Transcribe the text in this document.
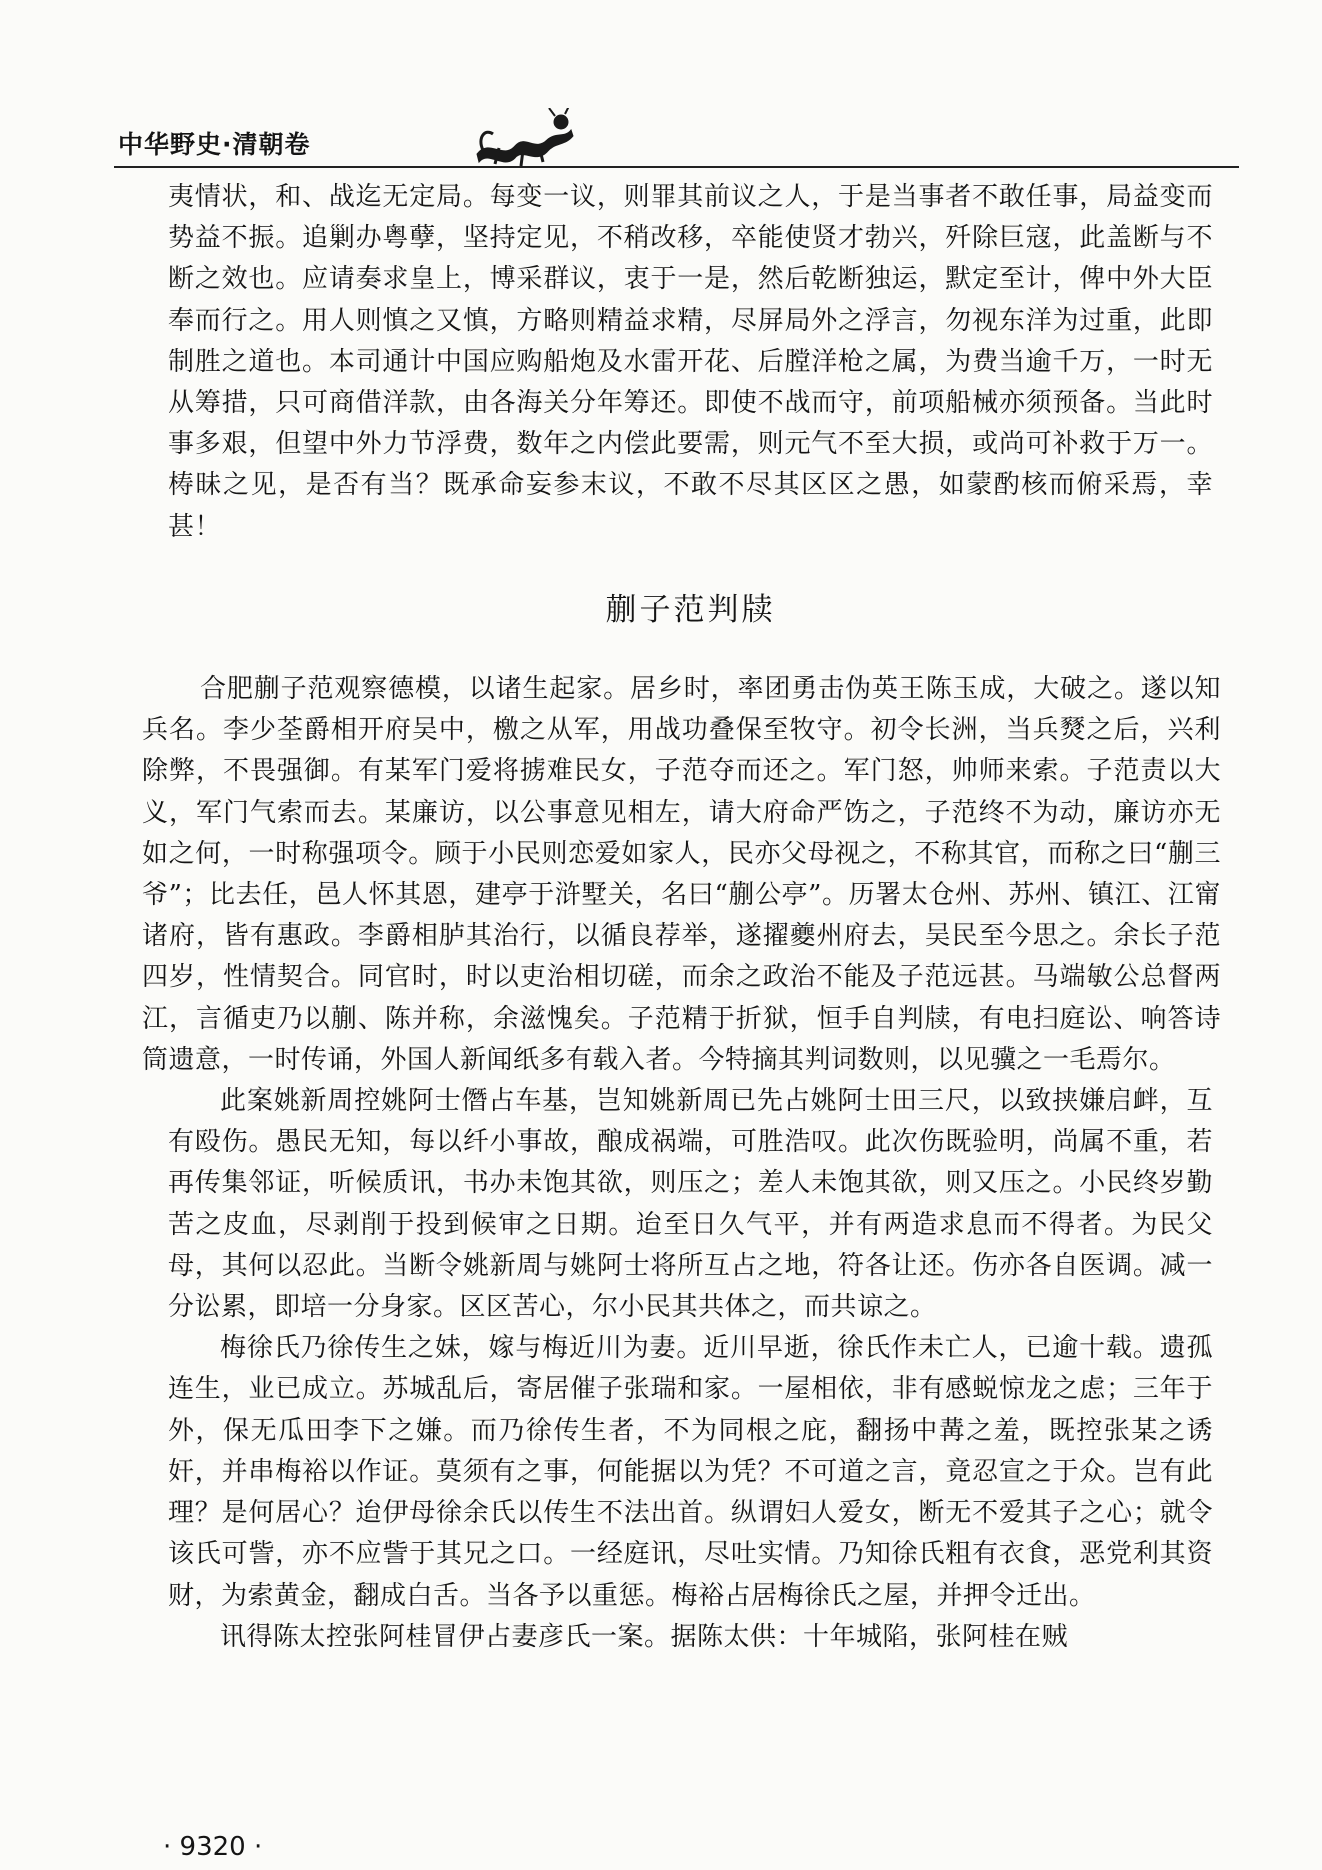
中华野史·清朝卷

夷情状，和、战迄无定局。每变一议，则罪其前议之人，于是当事者不敢任事，局益变而势益不振。追剿办粤孽，坚持定见，不稍改移，卒能使贤才勃兴，歼除巨寇，此盖断与不断之效也。应请奏求皇上，博采群议，衷于一是，然后乾断独运，默定至计，俾中外大臣奉而行之。用人则慎之又慎，方略则精益求精，尽屏局外之浮言，勿视东洋为过重，此即制胜之道也。本司通计中国应购船炮及水雷开花、后膛洋枪之属，为费当逾千万，一时无从筹措，只可商借洋款，由各海关分年筹还。即使不战而守，前项船械亦须预备。当此时事多艰，但望中外力节浮费，数年之内偿此要需，则元气不至大损，或尚可补救于万一。梼昧之见，是否有当？既承命妄参末议，不敢不尽其区区之愚，如蒙酌核而俯采焉，幸甚！

蒯子范判牍

合肥蒯子范观察德模，以诸生起家。居乡时，率团勇击伪英王陈玉成，大破之。遂以知兵名。李少荃爵相开府吴中，檄之从军，用战功叠保至牧守。初令长洲，当兵燹之后，兴利除弊，不畏强御。有某军门爱将掳难民女，子范夺而还之。军门怒，帅师来索。子范责以大义，军门气索而去。某廉访，以公事意见相左，请大府命严饬之，子范终不为动，廉访亦无如之何，一时称强项令。顾于小民则恋爱如家人，民亦父母视之，不称其官，而称之曰“蒯三爷”；比去任，邑人怀其恩，建亭于浒墅关，名曰“蒯公亭”。历署太仓州、苏州、镇江、江甯诸府，皆有惠政。李爵相胪其治行，以循良荐举，遂擢夔州府去，吴民至今思之。余长子范四岁，性情契合。同官时，时以吏治相切磋，而余之政治不能及子范远甚。马端敏公总督两江，言循吏乃以蒯、陈并称，余滋愧矣。子范精于折狱，恒手自判牍，有电扫庭讼、响答诗筒遗意，一时传诵，外国人新闻纸多有载入者。今特摘其判词数则，以见骥之一毛焉尔。

此案姚新周控姚阿士僭占车基，岂知姚新周已先占姚阿士田三尺，以致挟嫌启衅，互有殴伤。愚民无知，每以纤小事故，酿成祸端，可胜浩叹。此次伤既验明，尚属不重，若再传集邻证，听候质讯，书办未饱其欲，则压之；差人未饱其欲，则又压之。小民终岁勤苦之皮血，尽剥削于投到候审之日期。迨至日久气平，并有两造求息而不得者。为民父母，其何以忍此。当断令姚新周与姚阿士将所互占之地，符各让还。伤亦各自医调。减一分讼累，即培一分身家。区区苦心，尔小民其共体之，而共谅之。

梅徐氏乃徐传生之妹，嫁与梅近川为妻。近川早逝，徐氏作未亡人，已逾十载。遗孤连生，业已成立。苏城乱后，寄居催子张瑞和家。一屋相依，非有感蜕惊龙之虑；三年于外，保无瓜田李下之嫌。而乃徐传生者，不为同根之庇，翻扬中冓之羞，既控张某之诱奸，并串梅裕以作证。莫须有之事，何能据以为凭？不可道之言，竟忍宣之于众。岂有此理？是何居心？迨伊母徐余氏以传生不法出首。纵谓妇人爱女，断无不爱其子之心；就令该氏可訾，亦不应訾于其兄之口。一经庭讯，尽吐实情。乃知徐氏粗有衣食，恶党利其资财，为索黄金，翻成白舌。当各予以重惩。梅裕占居梅徐氏之屋，并押令迁出。

讯得陈太控张阿桂冒伊占妻彦氏一案。据陈太供：十年城陷，张阿桂在贼

· 9320 ·
